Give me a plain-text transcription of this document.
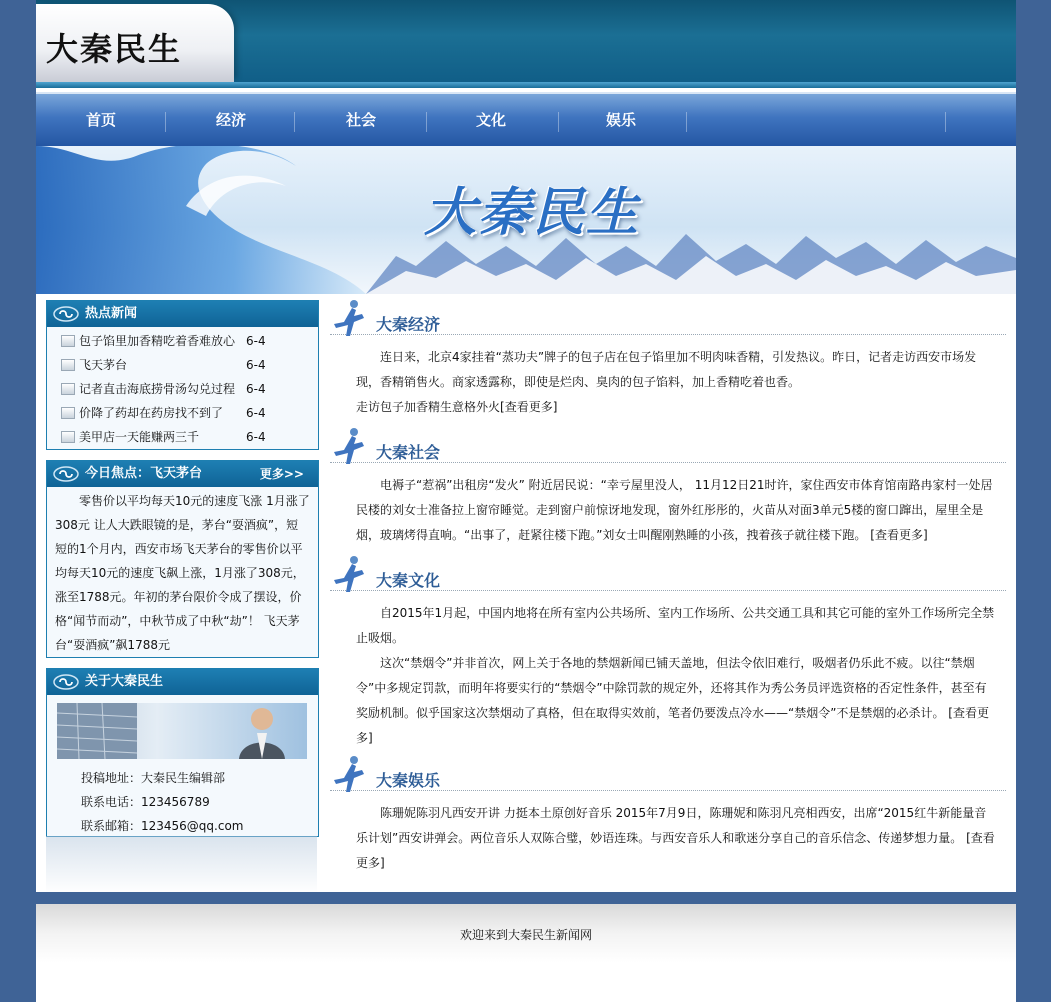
大秦民生
首页	经济	社会	文化	娱乐
大秦民生
热点新闻
包子馅里加香精吃着香难放心 6-4
飞天茅台	6-4
记者直击海底捞骨汤勾兑过程 6-4
价降了药却在药房找不到了 6-4
美甲店一天能赚两三千	6-4
今日焦点：飞天茅台	更多>>
零售价以平均每天10元的速度飞涨 1月涨了308元 让人大跌眼镜的是，茅台“耍酒疯”，短短的1个月内，西安市场飞天茅台的零售价以平均每天10元的速度飞飙上涨，1月涨了308元，涨至1788元。年初的茅台限价令成了摆设，价格“闻节而动”，中秋节成了中秋“劫”！ 飞天茅台“耍酒疯”飙1788元
关于大秦民生
投稿地址：大秦民生编辑部
联系电话：123456789
联系邮箱：123456@qq.com
大秦经济

连日来，北京4家挂着“蒸功夫”牌子的包子店在包子馅里加不明肉味香精，引发热议。昨日，记者走访西安市场发现，香精销售火。商家透露称，即使是烂肉、臭肉的包子馅料，加上香精吃着也香。

走访包子加香精生意格外火[查看更多]

大秦社会

电褥子“惹祸”出租房“发火” 附近居民说：“幸亏屋里没人， 11月12日21时许，家住西安市体育馆南路冉家村一处居民楼的刘女士准备拉上窗帘睡觉。走到窗户前惊讶地发现，窗外红彤彤的，火苗从对面3单元5楼的窗口蹿出，屋里全是烟，玻璃烤得直响。“出事了，赶紧往楼下跑。”刘女士叫醒刚熟睡的小孩，拽着孩子就往楼下跑。 [查看更多]

大秦文化

自2015年1月起，中国内地将在所有室内公共场所、室内工作场所、公共交通工具和其它可能的室外工作场所完全禁止吸烟。

这次“禁烟令”并非首次，网上关于各地的禁烟新闻已铺天盖地，但法令依旧难行，吸烟者仍乐此不疲。以往“禁烟令”中多规定罚款，而明年将要实行的“禁烟令”中除罚款的规定外，还将其作为秀公务员评选资格的否定性条件，甚至有奖励机制。似乎国家这次禁烟动了真格，但在取得实效前，笔者仍要泼点冷水——“禁烟令”不是禁烟的必杀计。 [查看更多]

大秦娱乐

陈珊妮陈羽凡西安开讲 力挺本土原创好音乐 2015年7月9日，陈珊妮和陈羽凡亮相西安，出席“2015红牛新能量音乐计划”西安讲弹会。两位音乐人双陈合璧，妙语连珠。与西安音乐人和歌迷分享自己的音乐信念、传递梦想力量。 [查看更多]

欢迎来到大秦民生新闻网
